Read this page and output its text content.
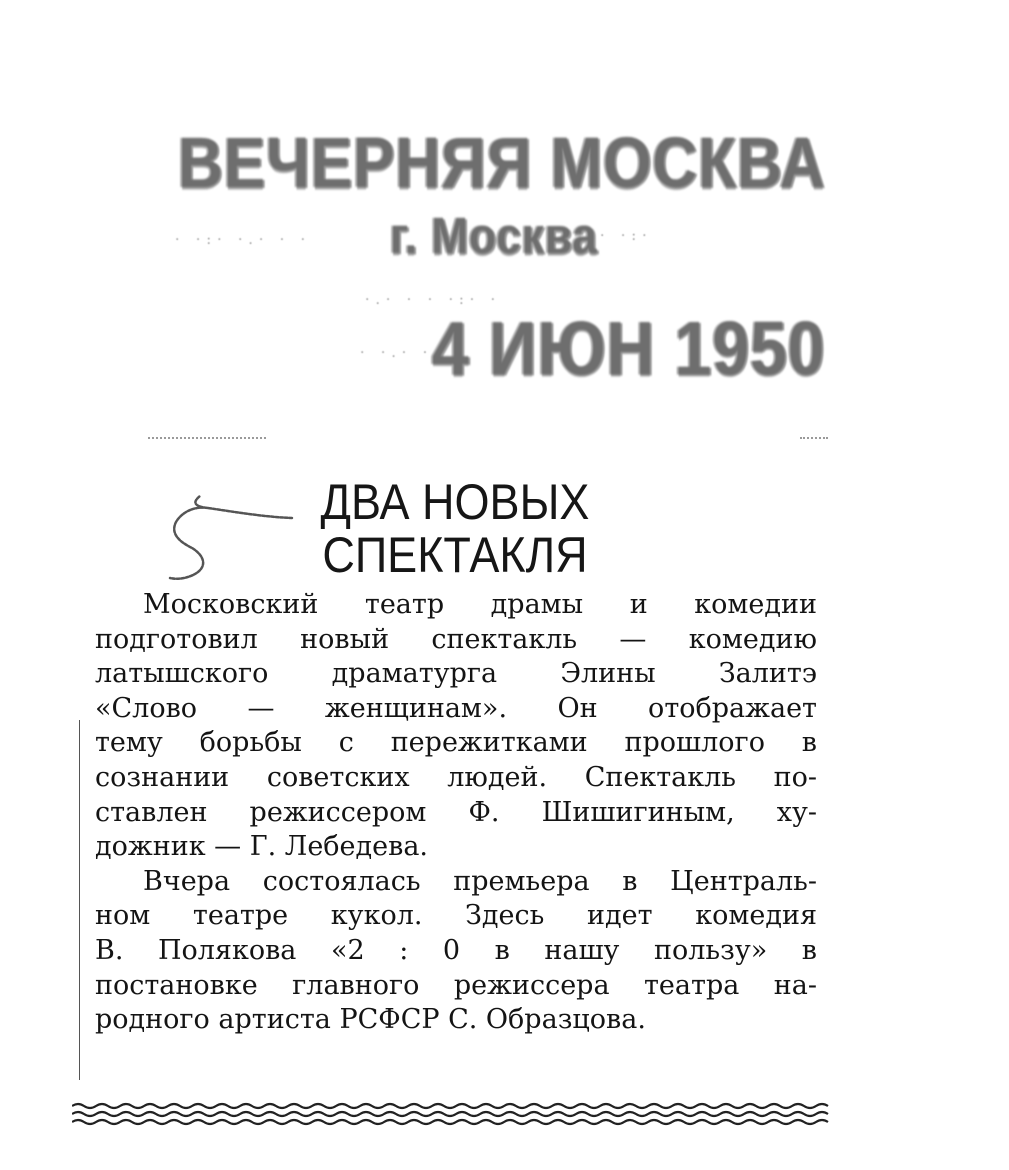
ВЕЧЕРНЯЯ МОСКВА
г. Москва
4 ИЮН 1950
· ·:· ·.· · ·
·.· · · ·:· ·
· ·.· ·
· ·:·
ДВА НОВЫХ
СПЕКТАКЛЯ
Московский театр драмы и комедии
подготовил новый спектакль — комедию
латышского драматурга Элины Залитэ
«Слово — женщинам». Он отображает
тему борьбы с пережитками прошлого в
сознании советских людей. Спектакль по-
ставлен режиссером Ф. Шишигиным, ху-
дожник — Г. Лебедева.
Вчера состоялась премьера в Централь-
ном театре кукол. Здесь идет комедия
В. Полякова «2 : 0 в нашу пользу» в
постановке главного режиссера театра на-
родного артиста РСФСР С. Образцова.
